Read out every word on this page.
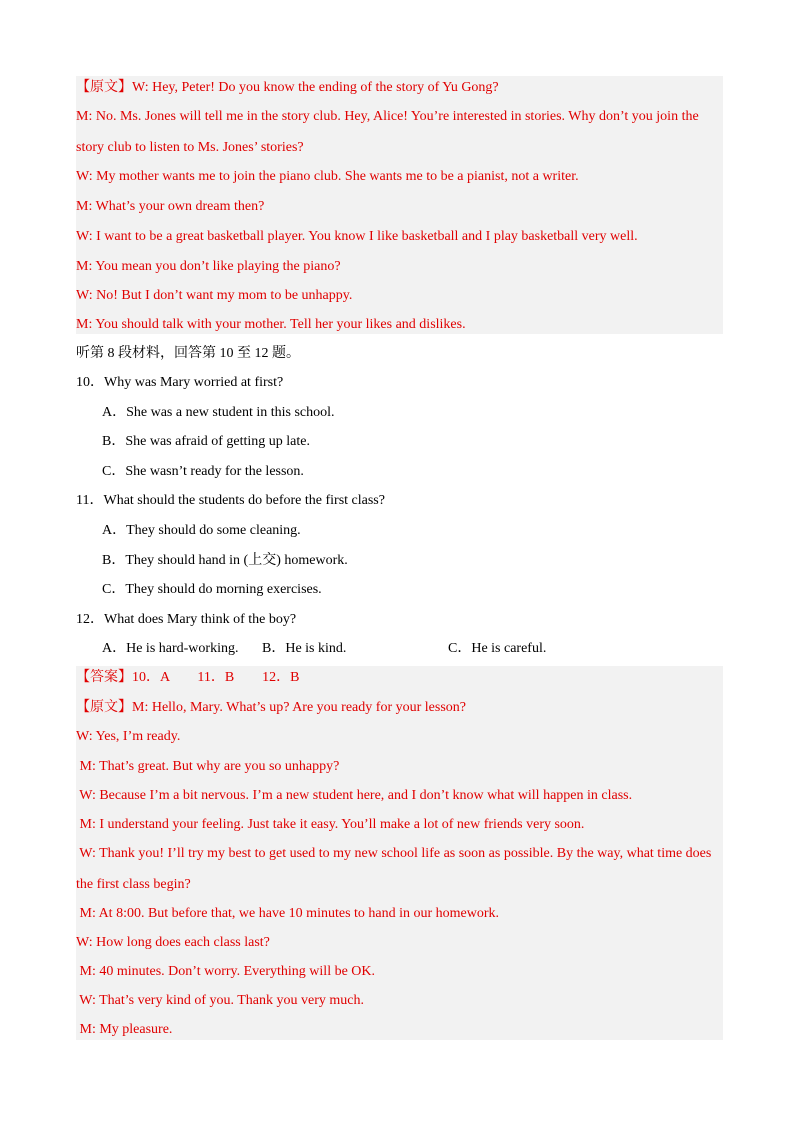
【原文】W: Hey, Peter! Do you know the ending of the story of Yu Gong?
M: No. Ms. Jones will tell me in the story club. Hey, Alice! You’re interested in stories. Why don’t you join the
story club to listen to Ms. Jones’ stories?
W: My mother wants me to join the piano club. She wants me to be a pianist, not a writer.
M: What’s your own dream then?
W: I want to be a great basketball player. You know I like basketball and I play basketball very well.
M: You mean you don’t like playing the piano?
W: No! But I don’t want my mom to be unhappy.
M: You should talk with your mother. Tell her your likes and dislikes.
听第 8 段材料，回答第 10 至 12 题。
10．Why was Mary worried at first?
A．She was a new student in this school.
B．She was afraid of getting up late.
C．She wasn’t ready for the lesson.
11．What should the students do before the first class?
A．They should do some cleaning.
B．They should hand in (上交) homework.
C．They should do morning exercises.
12．What does Mary think of the boy?
A．He is hard-working. B．He is kind.	C．He is careful.
【答案】10．A　　11．B　　12．B
【原文】M: Hello, Mary. What’s up? Are you ready for your lesson?
W: Yes, I’m ready.
M: That’s great. But why are you so unhappy?
W: Because I’m a bit nervous. I’m a new student here, and I don’t know what will happen in class.
M: I understand your feeling. Just take it easy. You’ll make a lot of new friends very soon.
W: Thank you! I’ll try my best to get used to my new school life as soon as possible. By the way, what time does
the first class begin?
M: At 8:00. But before that, we have 10 minutes to hand in our homework.
W: How long does each class last?
M: 40 minutes. Don’t worry. Everything will be OK.
W: That’s very kind of you. Thank you very much.
M: My pleasure.
